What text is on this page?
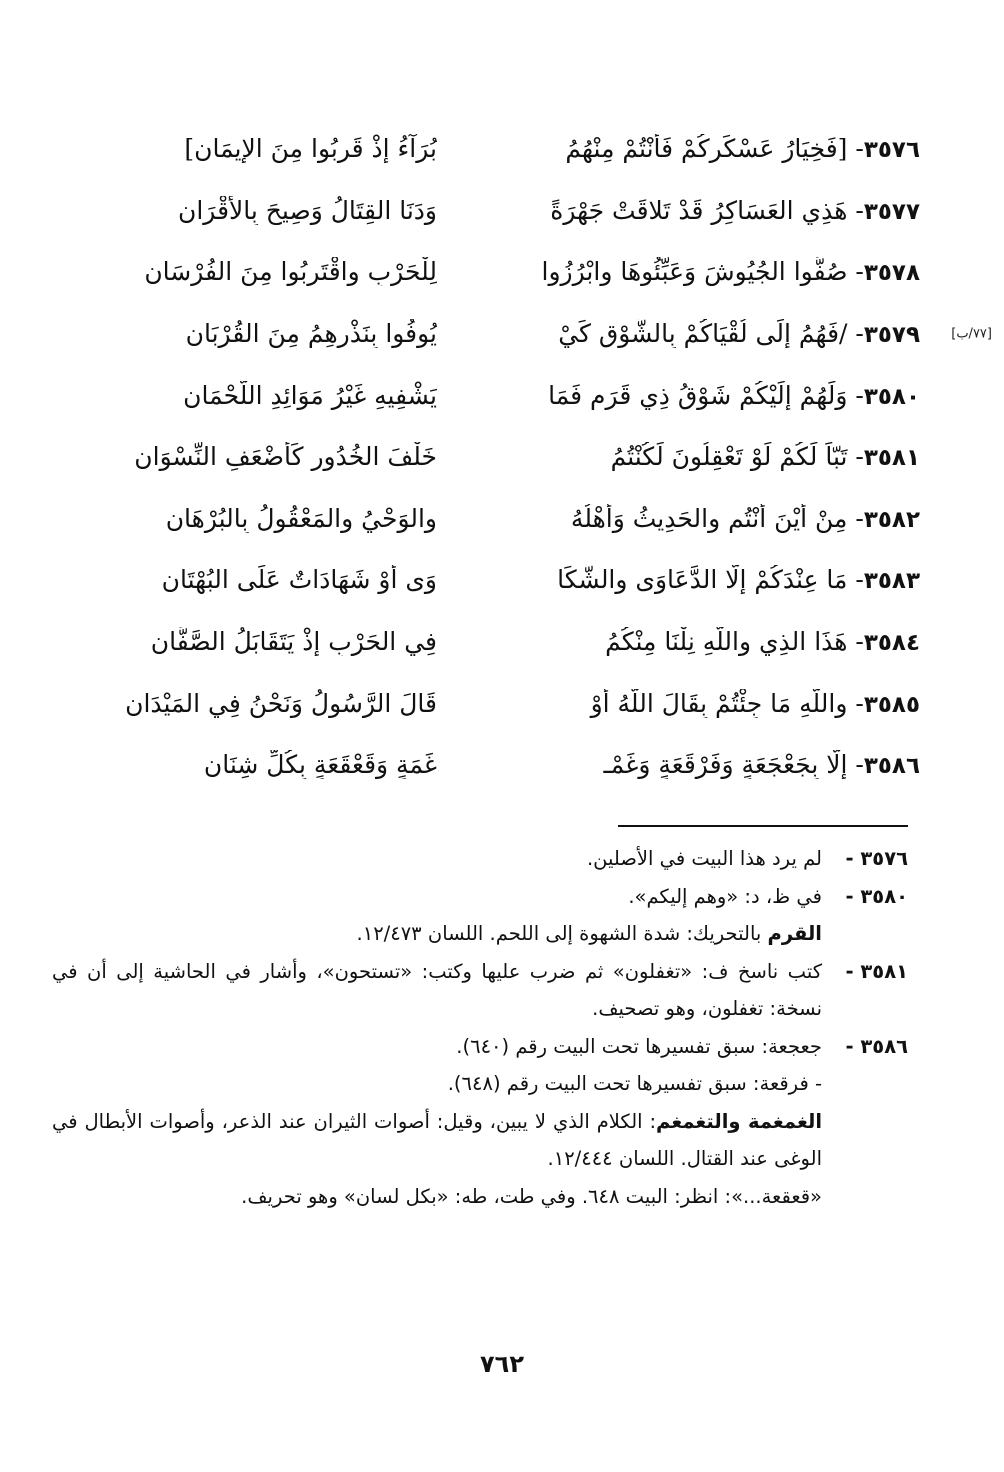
٣٥٧٦- [فَخِيَارُ عَسْكَرِكُمْ فَأَنْتُمْ مِنْهُمُ
بُرَآءُ إذْ قَرِبُوا مِنَ الإيمَانِ]
٣٥٧٧- هَذِي العَسَاكِرُ قَدْ تَلاقَتْ جَهْرَةً
وَدَنَا القِتَالُ وَصِيحَ بِالأقْرَانِ
٣٥٧٨- صُفُّوا الجُيُوشَ وَعَبِّئُوهَا وابْرُزُوا
لِلْحَرْبِ واقْتَرِبُوا مِنَ الفُرْسَانِ
[٧٧/ب]
٣٥٧٩- /فَهُمُ إلَى لُقْيَاكُمْ بِالشَّوْقِ كَيْ
يُوفُوا بِنَذْرِهِمُ مِنَ القُرْبَانِ
٣٥٨٠- وَلَهُمْ إلَيْكُمْ شَوْقُ ذِي قَرَمٍ فَمَا
يَشْفِيهِ غَيْرُ مَوَائِدِ اللُّحْمَانِ
٣٥٨١- تَبّاً لَكُمْ لَوْ تَعْقِلُونَ لَكُنْتُمُ
خَلْفَ الخُدُورِ كَأَضْعَفِ النِّسْوَانِ
٣٥٨٢- مِنْ أَيْنَ أَنْتُم والحَدِيثُ وَأَهْلُهُ
والوَحْيُ والمَعْقُولُ بِالبُرْهَانِ
٣٥٨٣- مَا عِنْدَكُمْ إلَّا الدَّعَاوَى والشَّكَا
وَى أَوْ شَهَادَاتٌ عَلَى البُهْتَانِ
٣٥٨٤- هَذَا الذِي واللَّهِ نِلْنَا مِنْكُمُ
فِي الحَرْبِ إذْ يَتَقَابَلُ الصَّفَّانِ
٣٥٨٥- واللَّهِ مَا جِئْتُمْ بِقَالَ اللَّهُ أَوْ
قَالَ الرَّسُولُ وَنَحْنُ فِي المَيْدَانِ
٣٥٨٦- إلَّا بِجَعْجَعَةٍ وَفَرْقَعَةٍ وَغَمْـ
غَمَةٍ وَقَعْقَعَةٍ بِكُلِّ شِنَانِ
٣٥٧٦ -
لم يرد هذا البيت في الأصلين.
٣٥٨٠ -
في ظ، د: «وهم إليكم».
القرم بالتحريك: شدة الشهوة إلى اللحم. اللسان ١٢/٤٧٣.
٣٥٨١ -
كتب ناسخ ف: «تغفلون» ثم ضرب عليها وكتب: «تستحون»، وأشار في الحاشية إلى أن في نسخة: تغفلون، وهو تصحيف.
٣٥٨٦ -
جعجعة: سبق تفسيرها تحت البيت رقم (٦٤٠).
- فرقعة: سبق تفسيرها تحت البيت رقم (٦٤٨).
الغمغمة والتغمغم: الكلام الذي لا يبين، وقيل: أصوات الثيران عند الذعر، وأصوات الأبطال في الوغى عند القتال. اللسان ١٢/٤٤٤.
«قعقعة...»: انظر: البيت ٦٤٨. وفي طت، طه: «بكل لسان» وهو تحريف.
٧٦٢
